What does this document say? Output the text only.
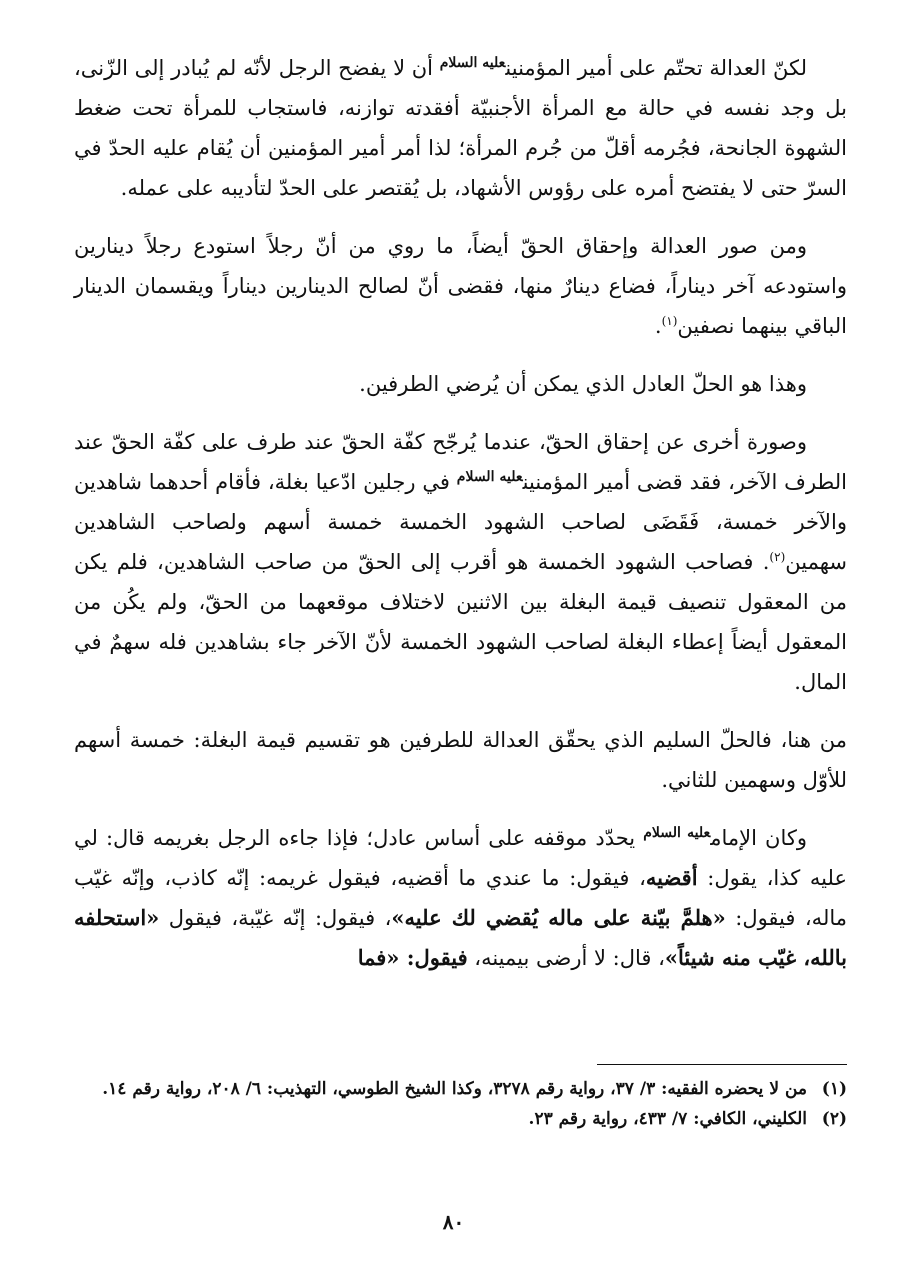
لكنّ العدالة تحتّم على أمير المؤمنين$^{عليه السلام}$ أن لا يفضح الرجل لأنّه لم يُبادر إلى الزّنى، بل وجد نفسه في حالة مع المرأة الأجنبيّة أفقدته توازنه، فاستجاب للمرأة تحت ضغط الشهوة الجانحة، فجُرمه أقلّ من جُرم المرأة؛ لذا أمر أمير المؤمنين أن يُقام عليه الحدّ في السرّ حتى لا يفتضح أمره على رؤوس الأشهاد، بل يُقتصر على الحدّ لتأديبه على عمله.

ومن صور العدالة وإحقاق الحقّ أيضاً، ما روي من أنّ رجلاً استودع رجلاً دينارين واستودعه آخر ديناراً، فضاع دينارٌ منها، فقضى أنّ لصالح الدينارين ديناراً ويقسمان الدينار الباقي بينهما نصفين$^{(١)}$.

وهذا هو الحلّ العادل الذي يمكن أن يُرضي الطرفين.

وصورة أخرى عن إحقاق الحقّ، عندما يُرجّح كفّة الحقّ عند طرف على كفّة الحقّ عند الطرف الآخر، فقد قضى أمير المؤمنين$^{عليه السلام}$ في رجلين ادّعيا بغلة، فأقام أحدهما شاهدين والآخر خمسة، فَقَضَى لصاحب الشهود الخمسة خمسة أسهم ولصاحب الشاهدين سهمين$^{(٢)}$. فصاحب الشهود الخمسة هو أقرب إلى الحقّ من صاحب الشاهدين، فلم يكن من المعقول تنصيف قيمة البغلة بين الاثنين لاختلاف موقعهما من الحقّ، ولم يكُن من المعقول أيضاً إعطاء البغلة لصاحب الشهود الخمسة لأنّ الآخر جاء بشاهدين فله سهمٌ في المال.

من هنا، فالحلّ السليم الذي يحقّق العدالة للطرفين هو تقسيم قيمة البغلة: خمسة أسهم للأوّل وسهمين للثاني.

وكان الإمام$^{عليه السلام}$ يحدّد موقفه على أساس عادل؛ فإذا جاءه الرجل بغريمه قال: لي عليه كذا، يقول: أقضيه، فيقول: ما عندي ما أقضيه، فيقول غريمه: إنّه كاذب، وإنّه غيّب ماله، فيقول: «هلمَّ بيّنة على ماله يُقضي لك عليه»، فيقول: إنّه غيّبة، فيقول «استحلفه بالله، غيّب منه شيئاً»، قال: لا أرضى بيمينه، فيقول: «فما

(١)
من لا يحضره الفقيه: ٣/ ٣٧، رواية رقم ٣٢٧٨، وكذا الشيخ الطوسي، التهذيب: ٦/ ٢٠٨، رواية رقم ١٤.
(٢)
الكليني، الكافي: ٧/ ٤٣٣، رواية رقم ٢٣.
٨٠
